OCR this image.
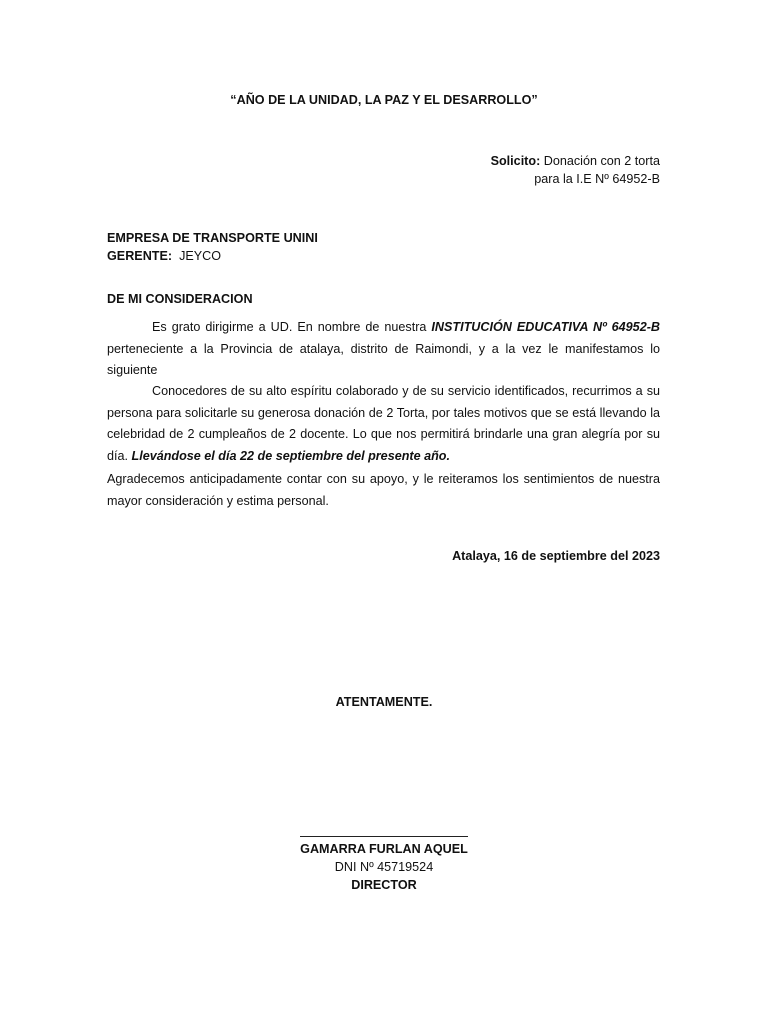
“AÑO DE LA UNIDAD, LA PAZ Y EL DESARROLLO”
Solicito: Donación con 2 torta
para la I.E Nº 64952-B
EMPRESA DE TRANSPORTE UNINI
GERENTE: JEYCO
DE MI CONSIDERACION
Es grato dirigirme a UD. En nombre de nuestra INSTITUCIÓN EDUCATIVA Nº 64952-B perteneciente a la Provincia de atalaya, distrito de Raimondi, y a la vez le manifestamos lo siguiente
Conocedores de su alto espíritu colaborado y de su servicio identificados, recurrimos a su persona para solicitarle su generosa donación de 2 Torta, por tales motivos que se está llevando la celebridad de 2 cumpleaños de 2 docente. Lo que nos permitirá brindarle una gran alegría por su día. Llevándose el día 22 de septiembre del presente año.
Agradecemos anticipadamente contar con su apoyo, y le reiteramos los sentimientos de nuestra mayor consideración y estima personal.
Atalaya, 16 de septiembre del 2023
ATENTAMENTE.
GAMARRA FURLAN AQUEL
DNI Nº 45719524
DIRECTOR
